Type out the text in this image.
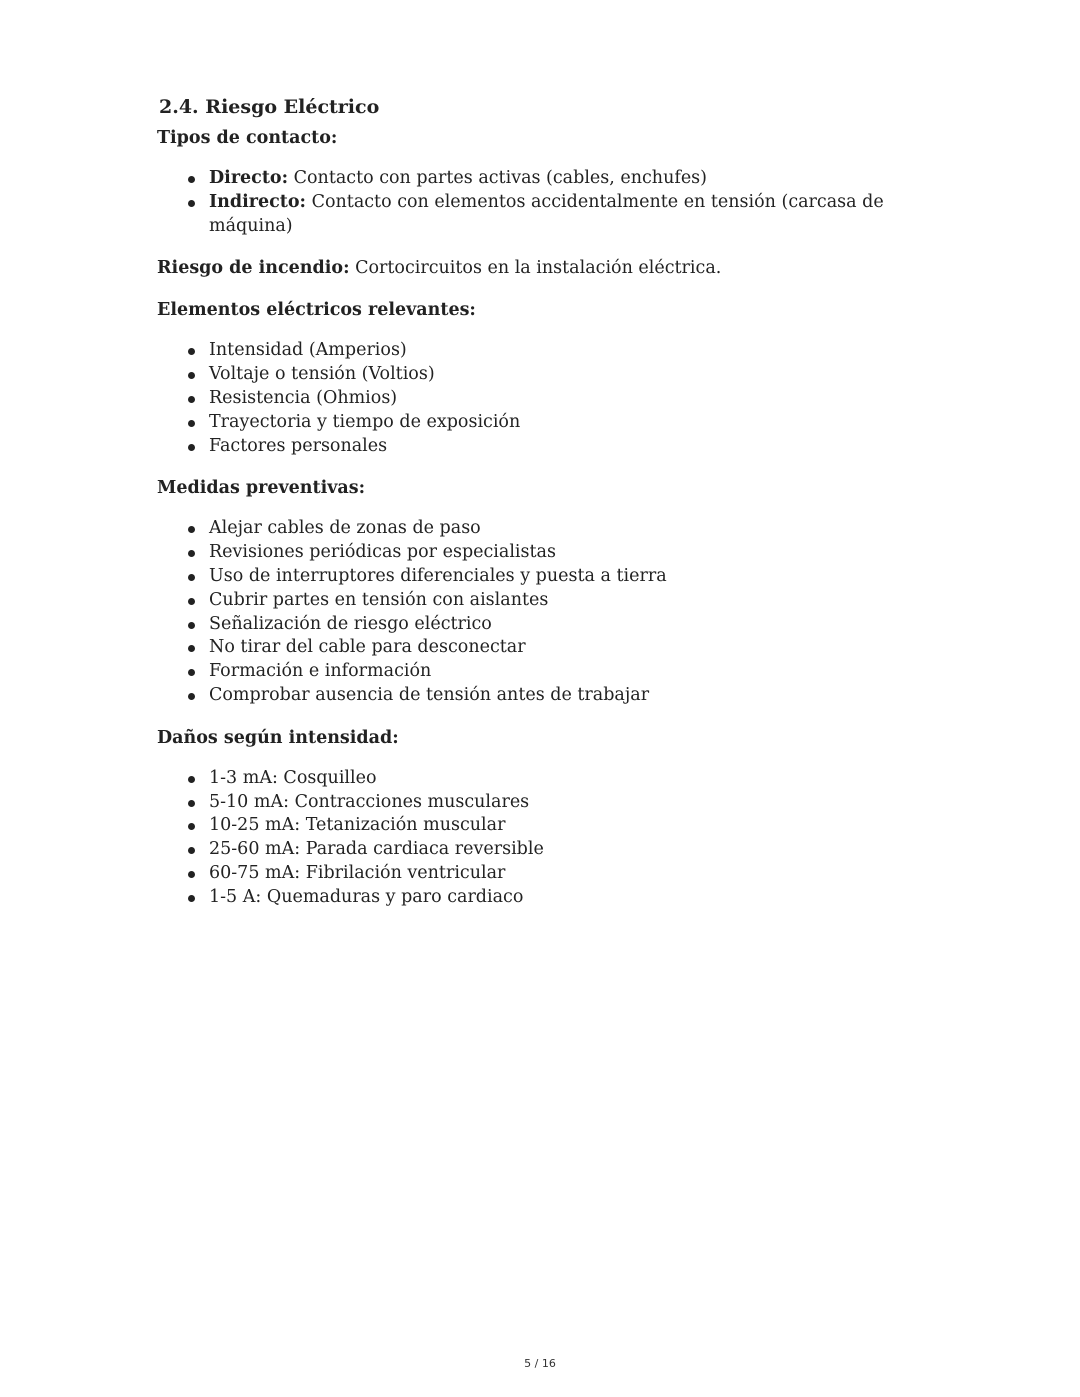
2.4. Riesgo Eléctrico

Tipos de contacto:

Directo: Contacto con partes activas (cables, enchufes)
Indirecto: Contacto con elementos accidentalmente en tensión (carcasa de máquina)

Riesgo de incendio: Cortocircuitos en la instalación eléctrica.

Elementos eléctricos relevantes:

Intensidad (Amperios)
Voltaje o tensión (Voltios)
Resistencia (Ohmios)
Trayectoria y tiempo de exposición
Factores personales

Medidas preventivas:

Alejar cables de zonas de paso
Revisiones periódicas por especialistas
Uso de interruptores diferenciales y puesta a tierra
Cubrir partes en tensión con aislantes
Señalización de riesgo eléctrico
No tirar del cable para desconectar
Formación e información
Comprobar ausencia de tensión antes de trabajar

Daños según intensidad:

1-3 mA: Cosquilleo
5-10 mA: Contracciones musculares
10-25 mA: Tetanización muscular
25-60 mA: Parada cardiaca reversible
60-75 mA: Fibrilación ventricular
1-5 A: Quemaduras y paro cardiaco
5 / 16
